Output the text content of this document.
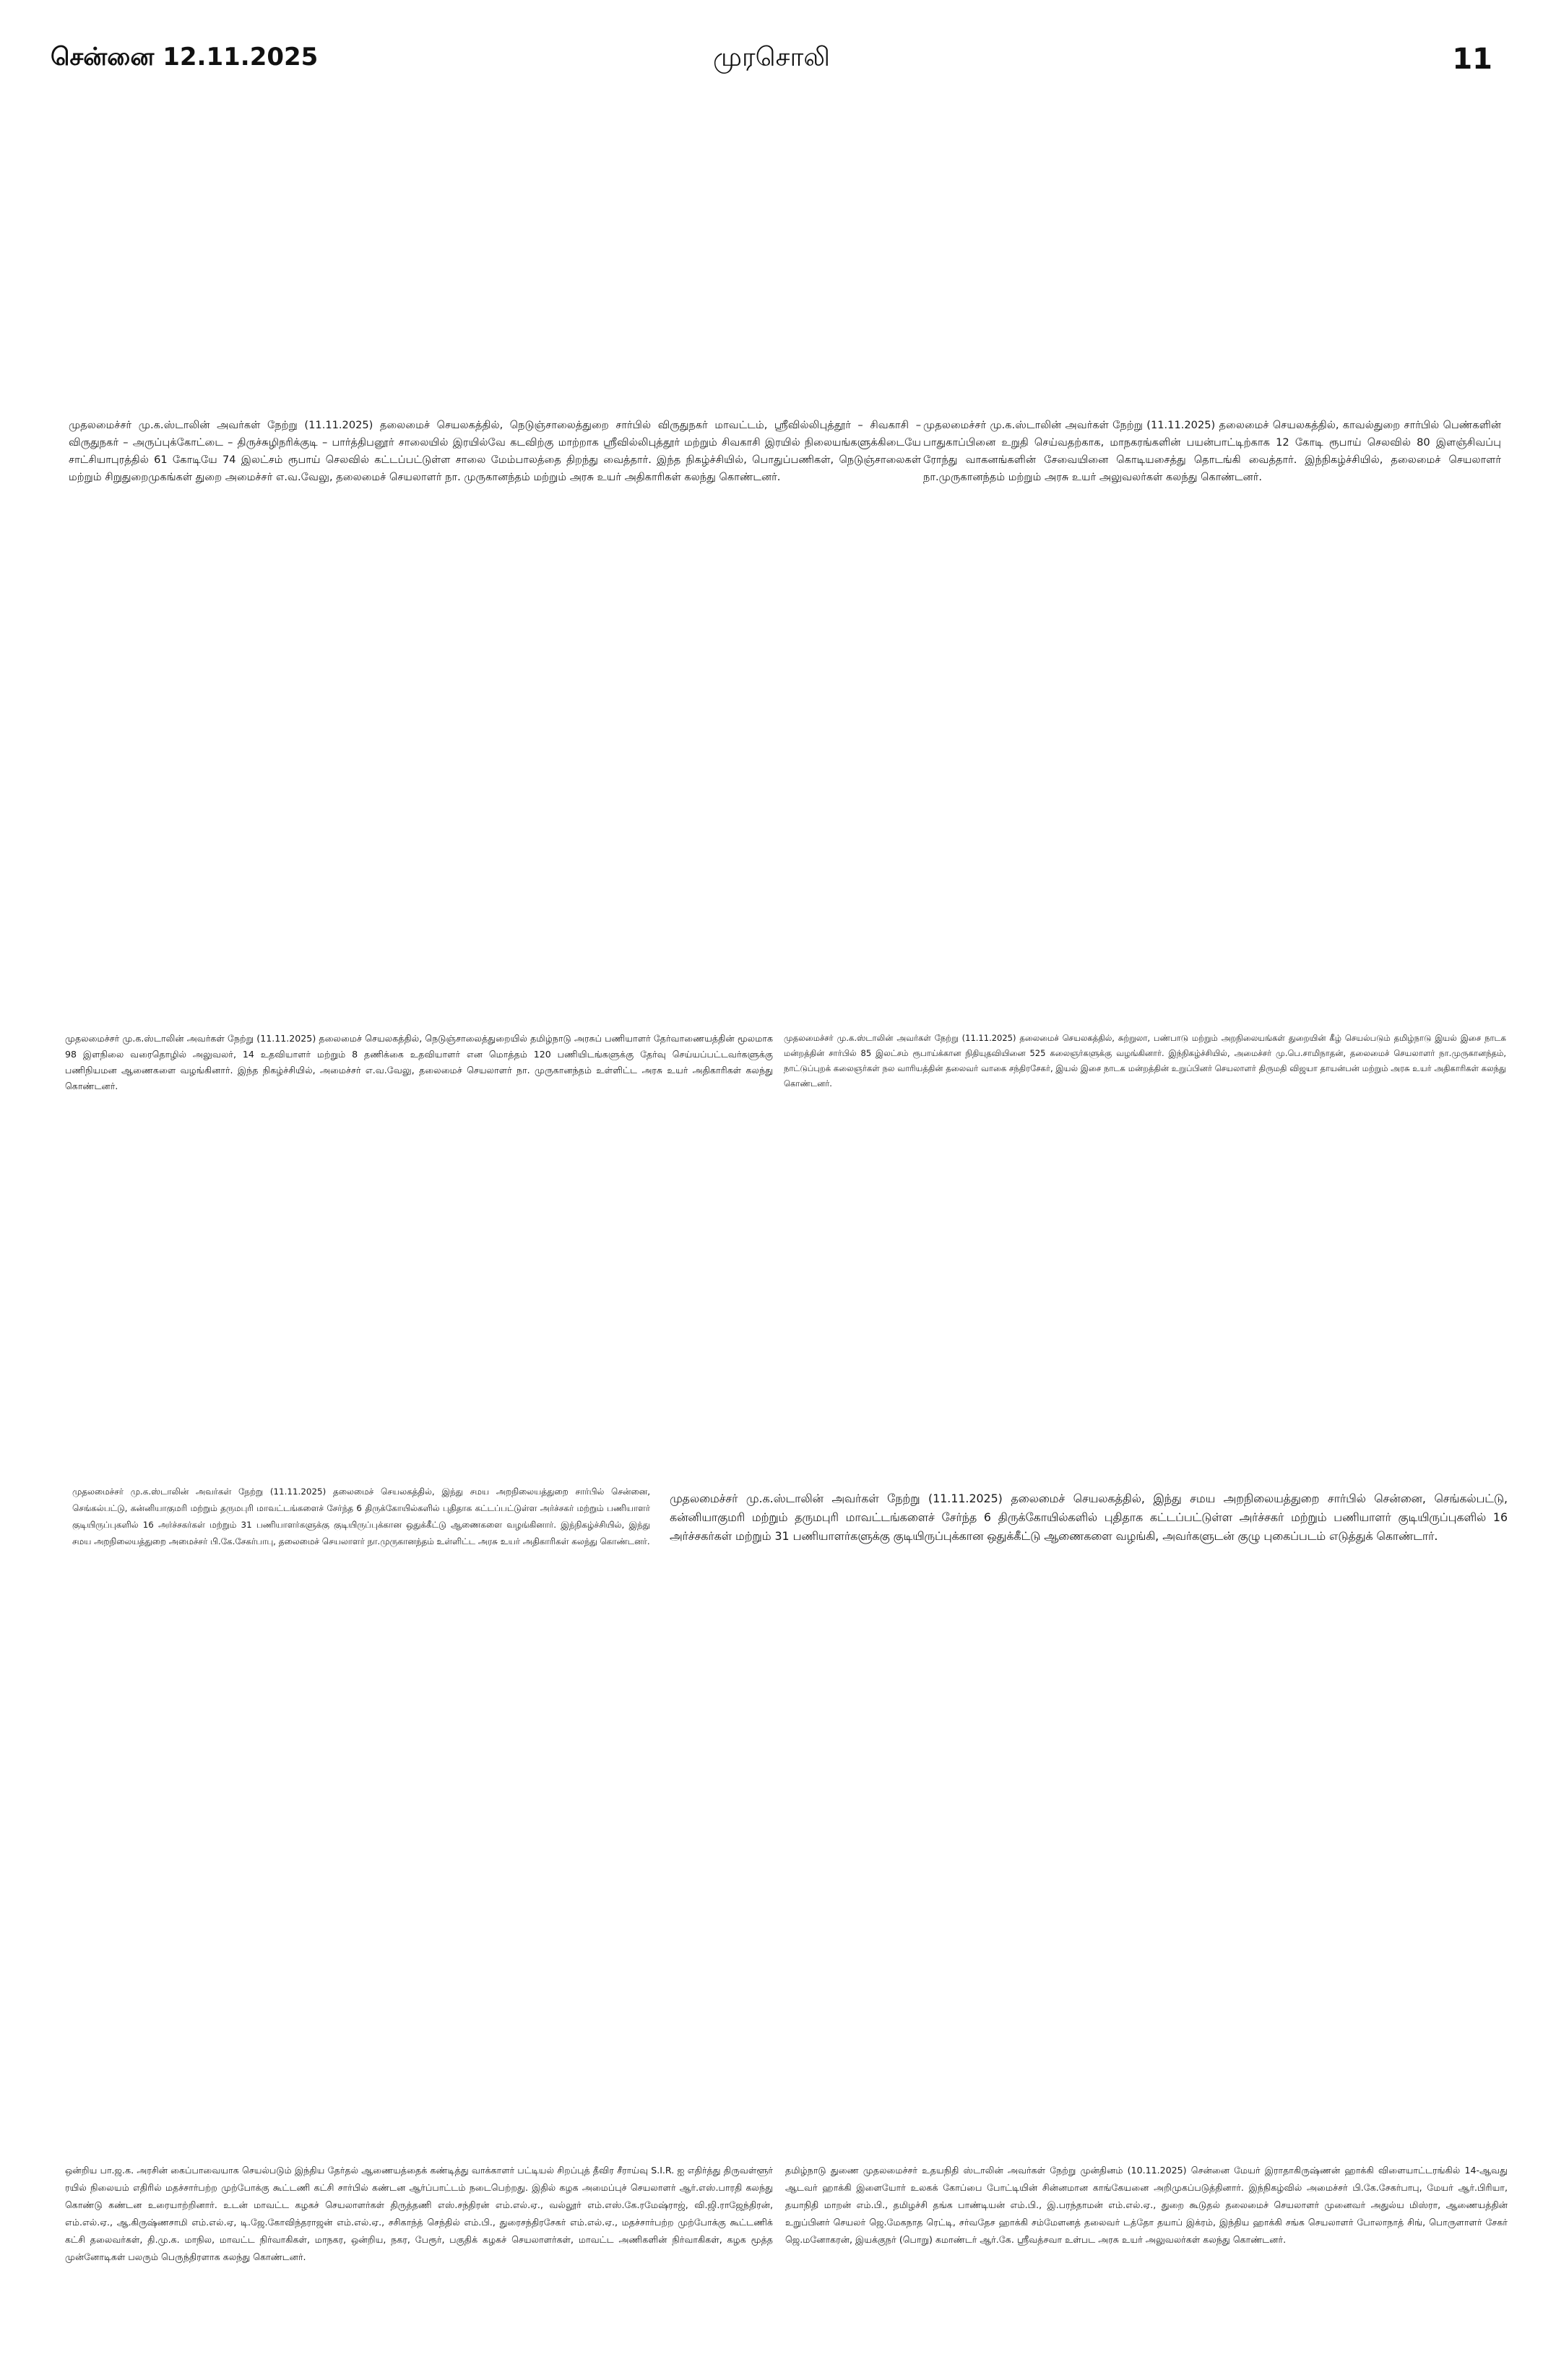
சென்னை 12.11.2025	முரசொலி	11
முதலமைச்சர் மு.க.ஸ்டாலின் அவர்கள் நேற்று (11.11.2025) தலைமைச் செயலகத்தில், நெடுஞ்சாலைத்துறை சார்பில் விருதுநகர் மாவட்டம், ஸ்ரீவில்லிபுத்தூர் – சிவகாசி – விருதுநகர் – அருப்புக்கோட்டை – திருச்சுழிநரிக்குடி – பார்த்திபனூர் சாலையில் இரயில்வே கடவிற்கு மாற்றாக ஸ்ரீவில்லிபுத்தூர் மற்றும் சிவகாசி இரயில் நிலையங்களுக்கிடையே சாட்சியாபுரத்தில் 61 கோடியே 74 இலட்சம் ரூபாய் செலவில் கட்டப்பட்டுள்ள சாலை மேம்பாலத்தை திறந்து வைத்தார். இந்த நிகழ்ச்சியில், பொதுப்பணிகள், நெடுஞ்சாலைகள் மற்றும் சிறுதுறைமுகங்கள் துறை அமைச்சர் எ.வ.வேலு, தலைமைச் செயலாளர் நா. முருகானந்தம் மற்றும் அரசு உயர் அதிகாரிகள் கலந்து கொண்டனர்.
முதலமைச்சர் மு.க.ஸ்டாலின் அவர்கள் நேற்று (11.11.2025) தலைமைச் செயலகத்தில், காவல்துறை சார்பில் பெண்களின் பாதுகாப்பினை உறுதி செய்வதற்காக, மாநகரங்களின் பயன்பாட்டிற்காக 12 கோடி ரூபாய் செலவில் 80 இளஞ்சிவப்பு ரோந்து வாகனங்களின் சேவையினை கொடியசைத்து தொடங்கி வைத்தார். இந்நிகழ்ச்சியில், தலைமைச் செயலாளர் நா.முருகானந்தம் மற்றும் அரசு உயர் அலுவலர்கள் கலந்து கொண்டனர்.
முதலமைச்சர் மு.க.ஸ்டாலின் அவர்கள் நேற்று (11.11.2025) தலைமைச் செயலகத்தில், நெடுஞ்சாலைத்துறையில் தமிழ்நாடு அரசுப் பணியாளர் தேர்வாணையத்தின் மூலமாக 98 இளநிலை வரைதொழில் அலுவலர், 14 உதவியாளர் மற்றும் 8 தணிக்கை உதவியாளர் என மொத்தம் 120 பணியிடங்களுக்கு தேர்வு செய்யப்பட்டவர்களுக்கு பணிநியமன ஆணைகளை வழங்கினார். இந்த நிகழ்ச்சியில், அமைச்சர் எ.வ.வேலு, தலைமைச் செயலாளர் நா. முருகானந்தம் உள்ளிட்ட அரசு உயர் அதிகாரிகள் கலந்து கொண்டனர்.
முதலமைச்சர் மு.க.ஸ்டாலின் அவர்கள் நேற்று (11.11.2025) தலைமைச் செயலகத்தில், சுற்றுலா, பண்பாடு மற்றும் அறநிலையங்கள் துறையின் கீழ் செயல்படும் தமிழ்நாடு இயல் இசை நாடக மன்றத்தின் சார்பில் 85 இலட்சம் ரூபாய்க்கான நிதியுதவியினை 525 கலைஞர்களுக்கு வழங்கினார். இந்நிகழ்ச்சியில், அமைச்சர் மு.பெ.சாமிநாதன், தலைமைச் செயலாளர் நா.முருகானந்தம், நாட்டுப்புறக் கலைஞர்கள் நல வாரியத்தின் தலைவர் வாகை சந்திரசேகர், இயல் இசை நாடக மன்றத்தின் உறுப்பினர் செயலாளர் திருமதி விஜயா தாயன்பன் மற்றும் அரசு உயர் அதிகாரிகள் கலந்து கொண்டனர்.
முதலமைச்சர் மு.க.ஸ்டாலின் அவர்கள் நேற்று (11.11.2025) தலைமைச் செயலகத்தில், இந்து சமய அறநிலையத்துறை சார்பில் சென்னை, செங்கல்பட்டு, கன்னியாகுமரி மற்றும் தருமபுரி மாவட்டங்களைச் சேர்ந்த 6 திருக்கோயில்களில் புதிதாக கட்டப்பட்டுள்ள அர்ச்சகர் மற்றும் பணியாளர் குடியிருப்புகளில் 16 அர்ச்சகர்கள் மற்றும் 31 பணியாளர்களுக்கு குடியிருப்புக்கான ஒதுக்கீட்டு ஆணைகளை வழங்கினார். இந்நிகழ்ச்சியில், இந்து சமய அறநிலையத்துறை அமைச்சர் பி.கே.சேகர்பாபு, தலைமைச் செயலாளர் நா.முருகானந்தம் உள்ளிட்ட அரசு உயர் அதிகாரிகள் கலந்து கொண்டனர்.
முதலமைச்சர் மு.க.ஸ்டாலின் அவர்கள் நேற்று (11.11.2025) தலைமைச் செயலகத்தில், இந்து சமய அறநிலையத்துறை சார்பில் சென்னை, செங்கல்பட்டு, கன்னியாகுமரி மற்றும் தருமபுரி மாவட்டங்களைச் சேர்ந்த 6 திருக்கோயில்களில் புதிதாக கட்டப்பட்டுள்ள அர்ச்சகர் மற்றும் பணியாளர் குடியிருப்புகளில் 16 அர்ச்சகர்கள் மற்றும் 31 பணியாளர்களுக்கு குடியிருப்புக்கான ஒதுக்கீட்டு ஆணைகளை வழங்கி, அவர்களுடன் குழு புகைப்படம் எடுத்துக் கொண்டார்.
ஒன்றிய பா.ஜ.க. அரசின் கைப்பாவையாக செயல்படும் இந்திய தேர்தல் ஆணையத்தைக் கண்டித்து வாக்காளர் பட்டியல் சிறப்புத் தீவிர சீராய்வு S.I.R. ஐ எதிர்த்து திருவள்ளூர் ரயில் நிலையம் எதிரில் மதச்சார்பற்ற முற்போக்கு கூட்டணி கட்சி சார்பில் கண்டன ஆர்ப்பாட்டம் நடைபெற்றது. இதில் கழக அமைப்புச் செயலாளர் ஆர்.எஸ்.பாரதி கலந்து கொண்டு கண்டன உரையாற்றினார். உடன் மாவட்ட கழகச் செயலாளர்கள் திருத்தணி எஸ்.சந்திரன் எம்.எல்.ஏ., வல்லூர் எம்.எஸ்.கே.ரமேஷ்ராஜ், வி.ஜி.ராஜேந்திரன், எம்.எல்.ஏ., ஆ.கிருஷ்ணசாமி எம்.எல்.ஏ, டி.ஜே.கோவிந்தராஜன் எம்.எல்.ஏ., சசிகாந்த் செந்தில் எம்.பி., துரைசந்திரசேகர் எம்.எல்.ஏ., மதச்சார்பற்ற முற்போக்கு கூட்டணிக் கட்சி தலைவர்கள், தி.மு.க. மாநில, மாவட்ட நிர்வாகிகள், மாநகர, ஒன்றிய, நகர, பேரூர், பகுதிக் கழகச் செயலாளர்கள், மாவட்ட அணிகளின் நிர்வாகிகள், கழக மூத்த முன்னோடிகள் பலரும் பெருந்திரளாக கலந்து கொண்டனர்.
தமிழ்நாடு துணை முதலமைச்சர் உதயநிதி ஸ்டாலின் அவர்கள் நேற்று முன்தினம் (10.11.2025) சென்னை மேயர் இராதாகிருஷ்ணன் ஹாக்கி விளையாட்டரங்கில் 14-ஆவது ஆடவர் ஹாக்கி இளையோர் உலகக் கோப்பை போட்டியின் சின்னமான காங்கேயனை அறிமுகப்படுத்தினார். இந்நிகழ்வில் அமைச்சர் பி.கே.சேகர்பாபு, மேயர் ஆர்.பிரியா, தயாநிதி மாறன் எம்.பி., தமிழச்சி தங்க பாண்டியன் எம்.பி., இ.பரந்தாமன் எம்.எல்.ஏ., துறை கூடுதல் தலைமைச் செயலாளர் முனைவர் அதுல்ய மிஸ்ரா, ஆணையத்தின் உறுப்பினர் செயலர் ஜெ.மேகநாத ரெட்டி, சர்வதேச ஹாக்கி சம்மேளனத் தலைவர் டத்தோ தயாப் இக்ரம், இந்திய ஹாக்கி சங்க செயலாளர் போலாநாத் சிங், பொருளாளர் சேகர் ஜெ.மனோகரன், இயக்குநர் (பொறு) கமாண்டர் ஆர்.கே. ஸ்ரீவத்சவா உள்பட அரசு உயர் அலுவலர்கள் கலந்து கொண்டனர்.
